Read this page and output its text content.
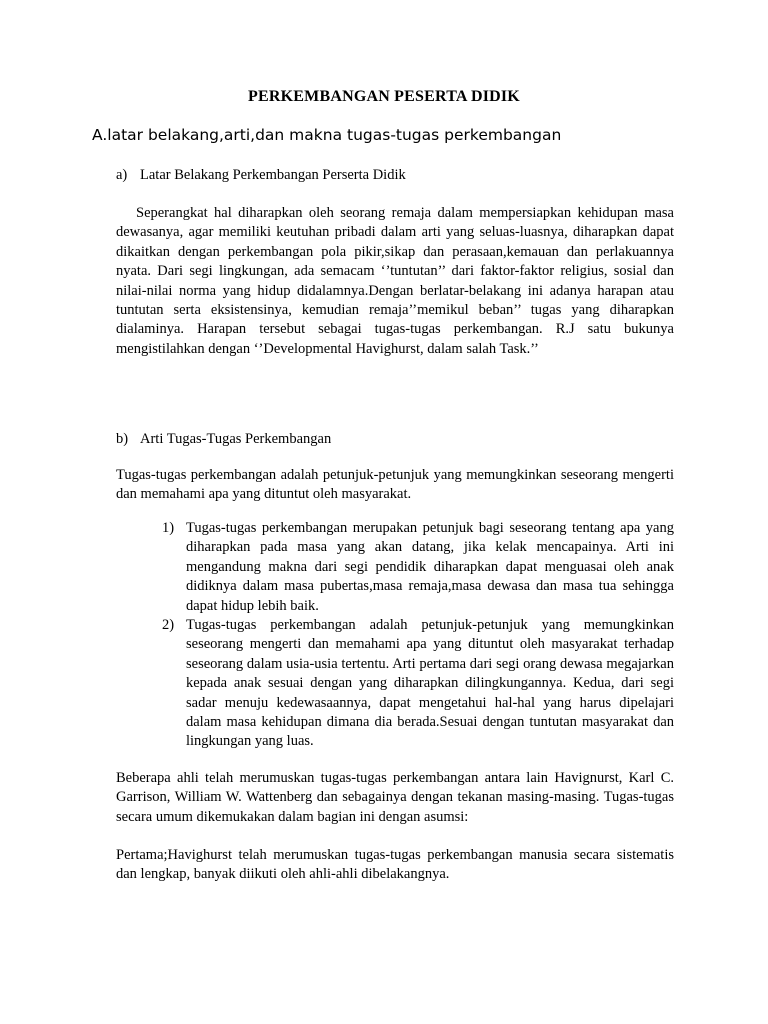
PERKEMBANGAN PESERTA DIDIK
A.latar belakang,arti,dan makna tugas-tugas perkembangan
a) Latar Belakang Perkembangan Perserta Didik

Seperangkat hal diharapkan oleh seorang remaja dalam mempersiapkan kehidupan masa dewasanya, agar memiliki keutuhan pribadi dalam arti yang seluas-luasnya, diharapkan dapat dikaitkan dengan perkembangan pola pikir,sikap dan perasaan,kemauan dan perlakuannya nyata. Dari segi lingkungan, ada semacam ‘’tuntutan’’ dari faktor-faktor religius, sosial dan nilai-nilai norma yang hidup didalamnya.Dengan berlatar-belakang ini adanya harapan atau tuntutan serta eksistensinya, kemudian remaja’’memikul beban’’ tugas yang diharapkan dialaminya. Harapan tersebut sebagai tugas-tugas perkembangan. R.J satu bukunya mengistilahkan dengan ‘’Developmental Havighurst, dalam salah Task.’’

b) Arti Tugas-Tugas Perkembangan

Tugas-tugas perkembangan adalah petunjuk-petunjuk yang memungkinkan seseorang mengerti dan memahami apa yang dituntut oleh masyarakat.

1) Tugas-tugas perkembangan merupakan petunjuk bagi seseorang tentang apa yang diharapkan pada masa yang akan datang, jika kelak mencapainya. Arti ini mengandung makna dari segi pendidik diharapkan dapat menguasai oleh anak didiknya dalam masa pubertas,masa remaja,masa dewasa dan masa tua sehingga dapat hidup lebih baik.
2) Tugas-tugas perkembangan adalah petunjuk-petunjuk yang memungkinkan seseorang mengerti dan memahami apa yang dituntut oleh masyarakat terhadap seseorang dalam usia-usia tertentu. Arti pertama dari segi orang dewasa megajarkan kepada anak sesuai dengan yang diharapkan dilingkungannya. Kedua, dari segi sadar menuju kedewasaannya, dapat mengetahui hal-hal yang harus dipelajari dalam masa kehidupan dimana dia berada.Sesuai dengan tuntutan masyarakat dan lingkungan yang luas.

Beberapa ahli telah merumuskan tugas-tugas perkembangan antara lain Havignurst, Karl C. Garrison, William W. Wattenberg dan sebagainya dengan tekanan masing-masing. Tugas-tugas secara umum dikemukakan dalam bagian ini dengan asumsi:

Pertama;Havighurst telah merumuskan tugas-tugas perkembangan manusia secara sistematis dan lengkap, banyak diikuti oleh ahli-ahli dibelakangnya.
